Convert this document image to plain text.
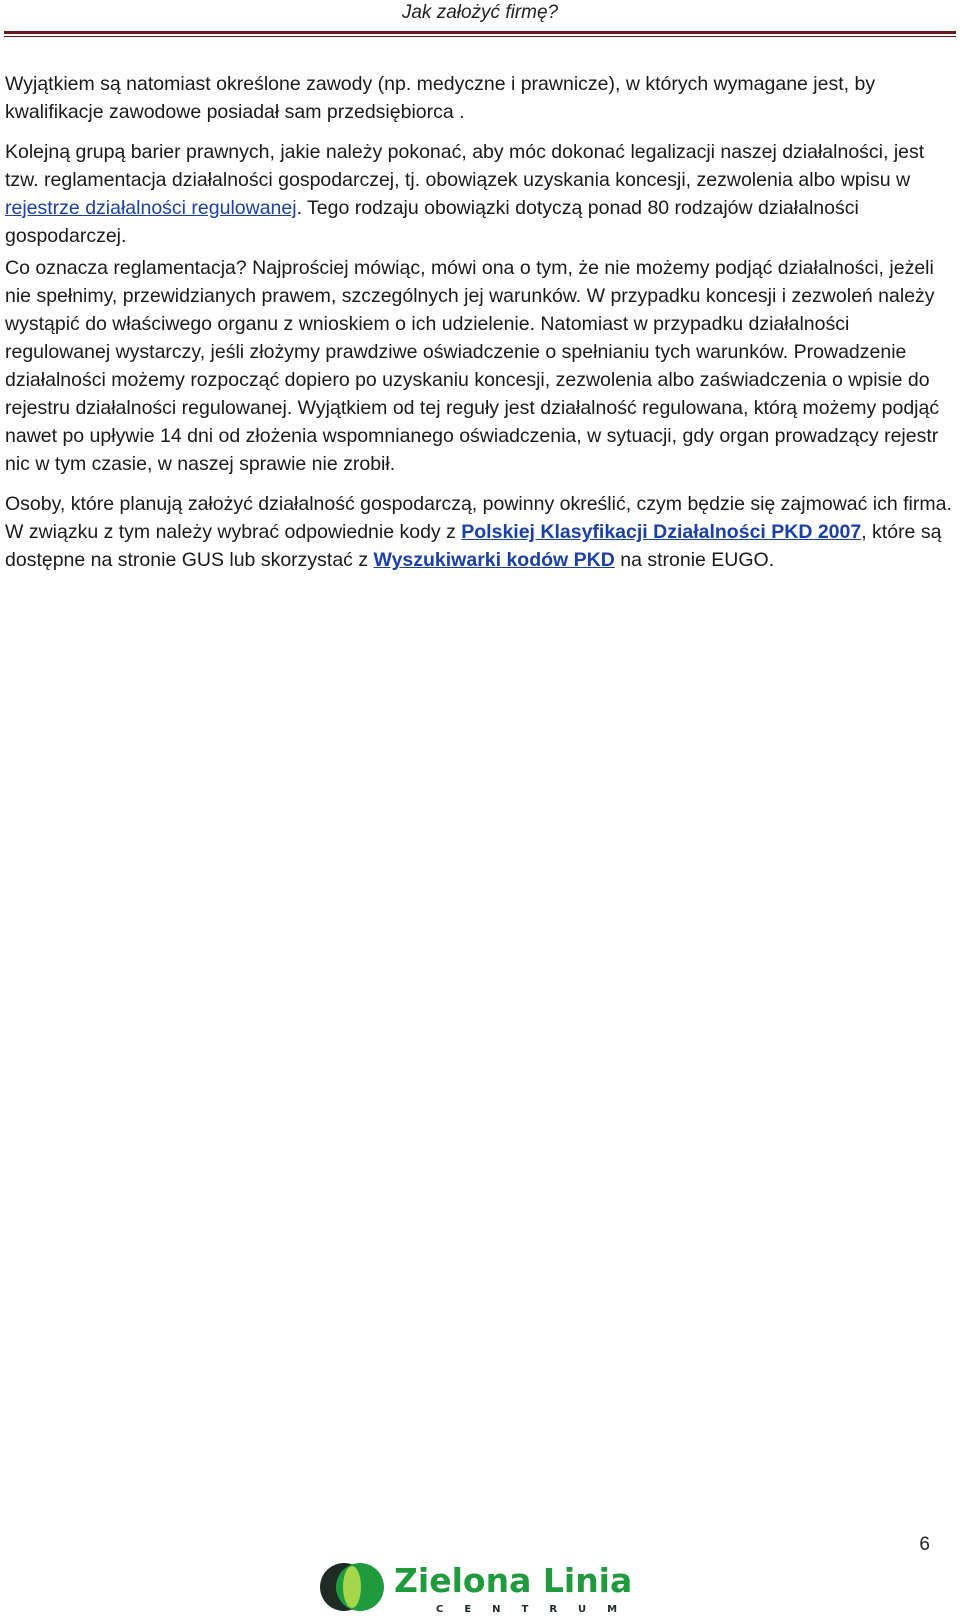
Jak założyć firmę?

Wyjątkiem są natomiast określone zawody (np. medyczne i prawnicze), w których wymagane jest, by kwalifikacje zawodowe posiadał sam przedsiębiorca .

Kolejną grupą barier prawnych, jakie należy pokonać, aby móc dokonać legalizacji naszej działalności, jest tzw. reglamentacja działalności gospodarczej, tj. obowiązek uzyskania koncesji, zezwolenia albo wpisu w rejestrze działalności regulowanej. Tego rodzaju obowiązki dotyczą ponad 80 rodzajów działalności gospodarczej.

Co oznacza reglamentacja? Najprościej mówiąc, mówi ona o tym, że nie możemy podjąć działalności, jeżeli nie spełnimy, przewidzianych prawem, szczególnych jej warunków. W przypadku koncesji i zezwoleń należy wystąpić do właściwego organu z wnioskiem o ich udzielenie. Natomiast w przypadku działalności regulowanej wystarczy, jeśli złożymy prawdziwe oświadczenie o spełnianiu tych warunków. Prowadzenie działalności możemy rozpocząć dopiero po uzyskaniu koncesji, zezwolenia albo zaświadczenia o wpisie do rejestru działalności regulowanej. Wyjątkiem od tej reguły jest działalność regulowana, którą możemy podjąć nawet po upływie 14 dni od złożenia wspomnianego oświadczenia, w sytuacji, gdy organ prowadzący rejestr nic w tym czasie, w naszej sprawie nie zrobił.

Osoby, które planują założyć działalność gospodarczą, powinny określić, czym będzie się zajmować ich firma. W związku z tym należy wybrać odpowiednie kody z Polskiej Klasyfikacji Działalności PKD 2007, które są dostępne na stronie GUS lub skorzystać z Wyszukiwarki kodów PKD na stronie EUGO.

6
Zielona Linia
CENTRUM
